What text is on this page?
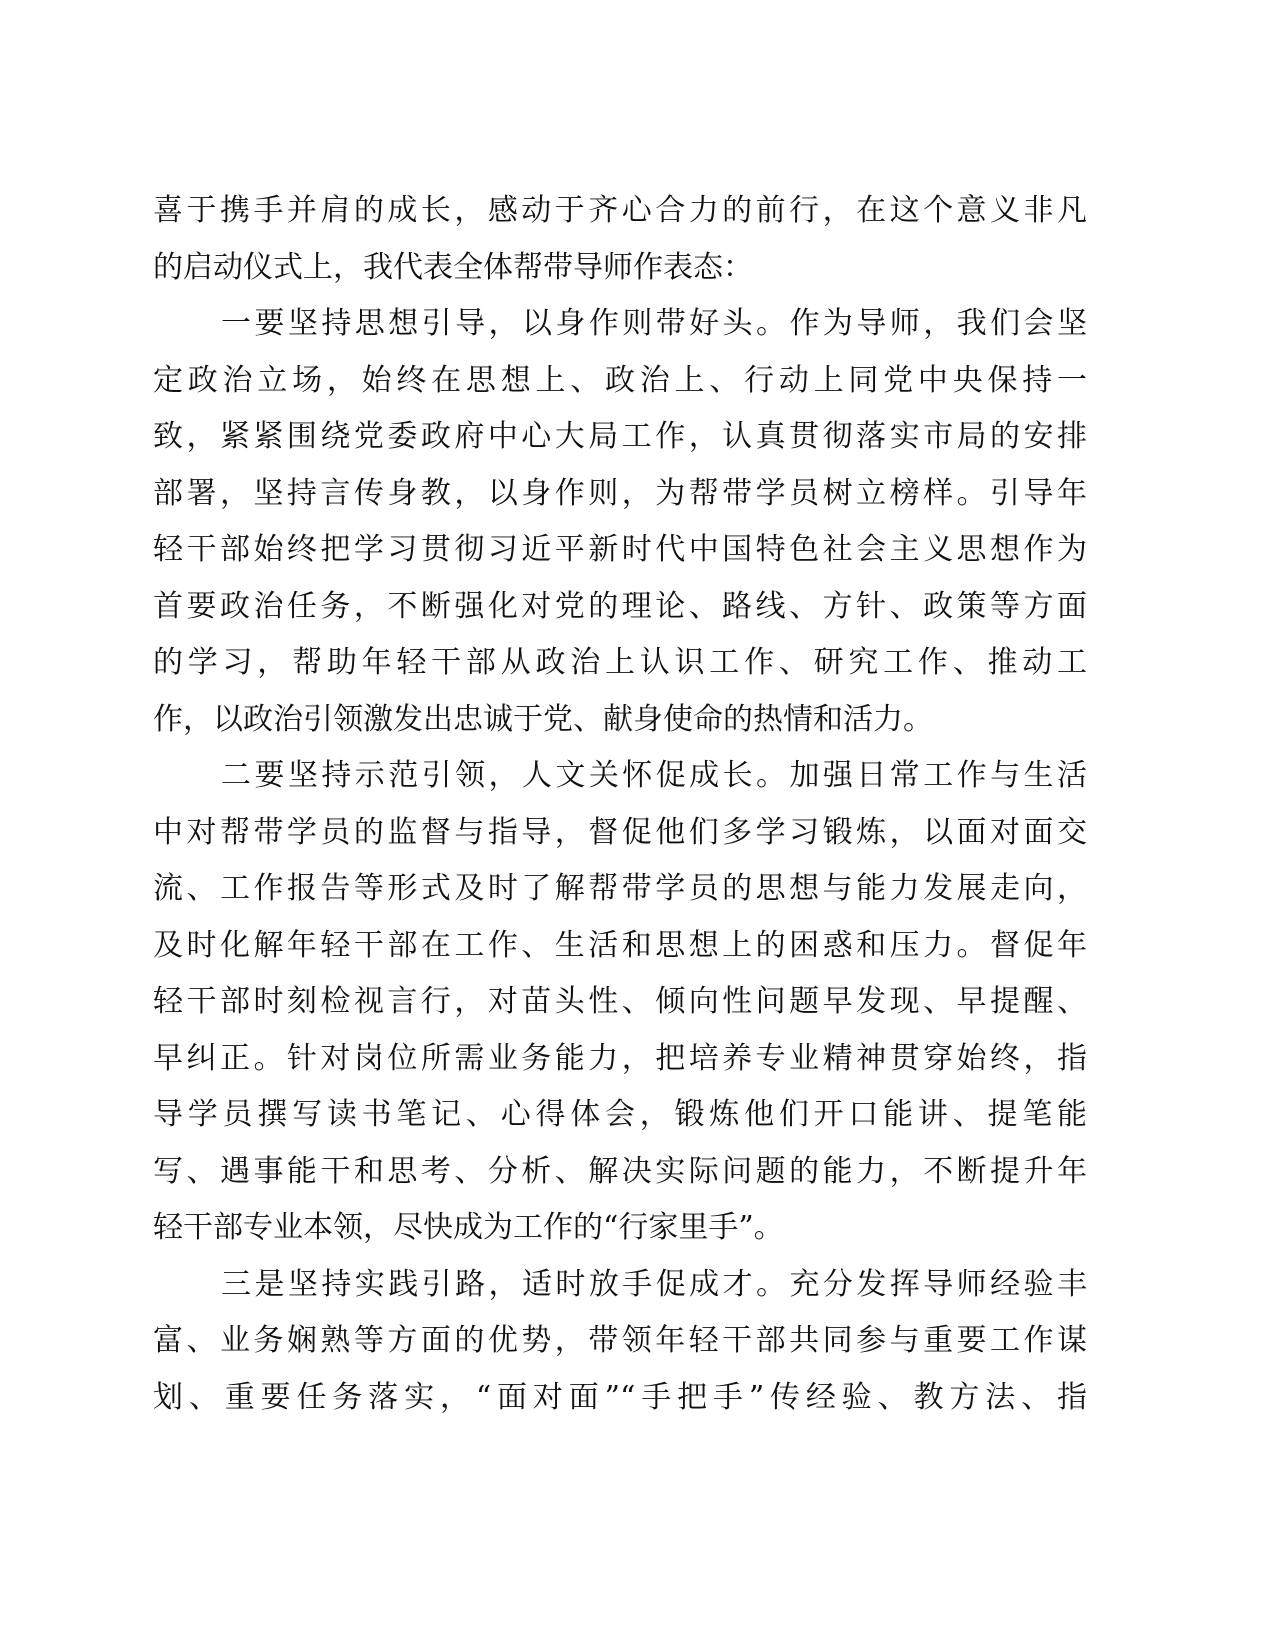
喜于携手并肩的成长，感动于齐心合力的前行，在这个意义非凡
的启动仪式上，我代表全体帮带导师作表态：
一要坚持思想引导，以身作则带好头。作为导师，我们会坚
定政治立场，始终在思想上、政治上、行动上同党中央保持一
致，紧紧围绕党委政府中心大局工作，认真贯彻落实市局的安排
部署，坚持言传身教，以身作则，为帮带学员树立榜样。引导年
轻干部始终把学习贯彻习近平新时代中国特色社会主义思想作为
首要政治任务，不断强化对党的理论、路线、方针、政策等方面
的学习，帮助年轻干部从政治上认识工作、研究工作、推动工
作，以政治引领激发出忠诚于党、献身使命的热情和活力。
二要坚持示范引领，人文关怀促成长。加强日常工作与生活
中对帮带学员的监督与指导，督促他们多学习锻炼，以面对面交
流、工作报告等形式及时了解帮带学员的思想与能力发展走向，
及时化解年轻干部在工作、生活和思想上的困惑和压力。督促年
轻干部时刻检视言行，对苗头性、倾向性问题早发现、早提醒、
早纠正。针对岗位所需业务能力，把培养专业精神贯穿始终，指
导学员撰写读书笔记、心得体会，锻炼他们开口能讲、提笔能
写、遇事能干和思考、分析、解决实际问题的能力，不断提升年
轻干部专业本领，尽快成为工作的“行家里手”。
三是坚持实践引路，适时放手促成才。充分发挥导师经验丰
富、业务娴熟等方面的优势，带领年轻干部共同参与重要工作谋
划、重要任务落实，“面对面”“手把手”传经验、教方法、指
